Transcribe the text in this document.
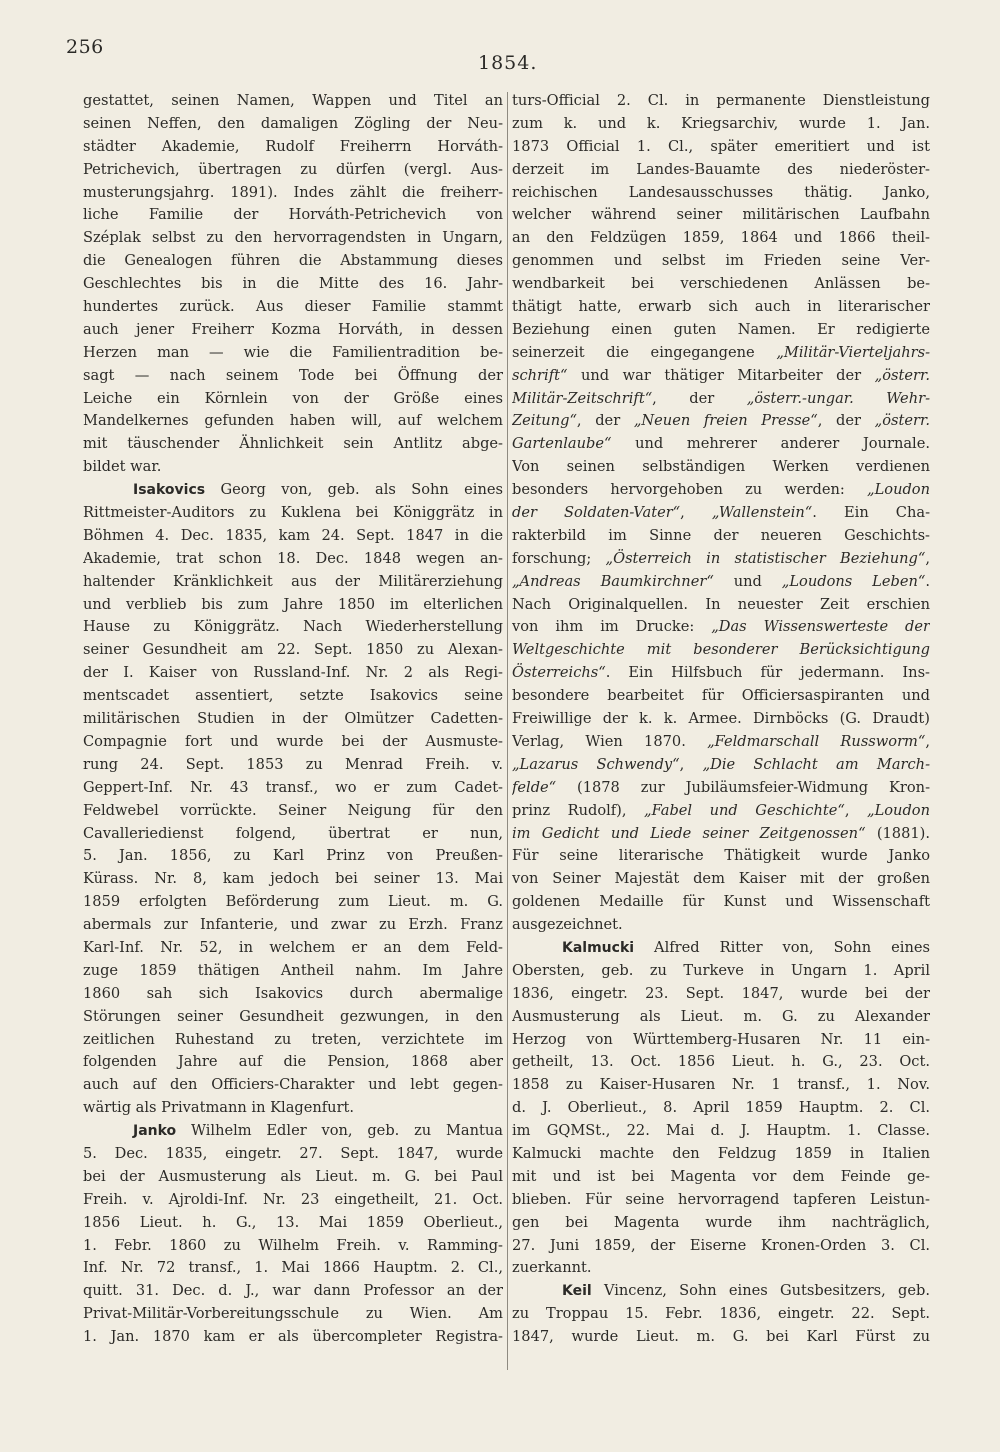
256
1854.
gestattet, seinen Namen, Wappen und Titel an
seinen Neffen, den damaligen Zögling der Neu-
städter Akademie, Rudolf Freiherrn Horváth-
Petrichevich, übertragen zu dürfen (vergl. Aus-
musterungsjahrg. 1891). Indes zählt die freiherr-
liche Familie der Horváth-Petrichevich von
Széplak selbst zu den hervorragendsten in Ungarn,
die Genealogen führen die Abstammung dieses
Geschlechtes bis in die Mitte des 16. Jahr-
hundertes zurück. Aus dieser Familie stammt
auch jener Freiherr Kozma Horváth, in dessen
Herzen man — wie die Familientradition be-
sagt — nach seinem Tode bei Öffnung der
Leiche ein Körnlein von der Größe eines
Mandelkernes gefunden haben will, auf welchem
mit täuschender Ähnlichkeit sein Antlitz abge-
bildet war.
Isakovics Georg von, geb. als Sohn eines
Rittmeister-Auditors zu Kuklena bei Königgrätz in
Böhmen 4. Dec. 1835, kam 24. Sept. 1847 in die
Akademie, trat schon 18. Dec. 1848 wegen an-
haltender Kränklichkeit aus der Militärerziehung
und verblieb bis zum Jahre 1850 im elterlichen
Hause zu Königgrätz. Nach Wiederherstellung
seiner Gesundheit am 22. Sept. 1850 zu Alexan-
der I. Kaiser von Russland-Inf. Nr. 2 als Regi-
mentscadet assentiert, setzte Isakovics seine
militärischen Studien in der Olmützer Cadetten-
Compagnie fort und wurde bei der Ausmuste-
rung 24. Sept. 1853 zu Menrad Freih. v.
Geppert-Inf. Nr. 43 transf., wo er zum Cadet-
Feldwebel vorrückte. Seiner Neigung für den
Cavalleriedienst folgend, übertrat er nun,
5. Jan. 1856, zu Karl Prinz von Preußen-
Kürass. Nr. 8, kam jedoch bei seiner 13. Mai
1859 erfolgten Beförderung zum Lieut. m. G.
abermals zur Infanterie, und zwar zu Erzh. Franz
Karl-Inf. Nr. 52, in welchem er an dem Feld-
zuge 1859 thätigen Antheil nahm. Im Jahre
1860 sah sich Isakovics durch abermalige
Störungen seiner Gesundheit gezwungen, in den
zeitlichen Ruhestand zu treten, verzichtete im
folgenden Jahre auf die Pension, 1868 aber
auch auf den Officiers-Charakter und lebt gegen-
wärtig als Privatmann in Klagenfurt.
Janko Wilhelm Edler von, geb. zu Mantua
5. Dec. 1835, eingetr. 27. Sept. 1847, wurde
bei der Ausmusterung als Lieut. m. G. bei Paul
Freih. v. Ajroldi-Inf. Nr. 23 eingetheilt, 21. Oct.
1856 Lieut. h. G., 13. Mai 1859 Oberlieut.,
1. Febr. 1860 zu Wilhelm Freih. v. Ramming-
Inf. Nr. 72 transf., 1. Mai 1866 Hauptm. 2. Cl.,
quitt. 31. Dec. d. J., war dann Professor an der
Privat-Militär-Vorbereitungsschule zu Wien. Am
1. Jan. 1870 kam er als übercompleter Registra-
turs-Official 2. Cl. in permanente Dienstleistung
zum k. und k. Kriegsarchiv, wurde 1. Jan.
1873 Official 1. Cl., später emeritiert und ist
derzeit im Landes-Bauamte des niederöster-
reichischen Landesausschusses thätig. Janko,
welcher während seiner militärischen Laufbahn
an den Feldzügen 1859, 1864 und 1866 theil-
genommen und selbst im Frieden seine Ver-
wendbarkeit bei verschiedenen Anlässen be-
thätigt hatte, erwarb sich auch in literarischer
Beziehung einen guten Namen. Er redigierte
seinerzeit die eingegangene „Militär-Vierteljahrs-
schrift“ und war thätiger Mitarbeiter der „österr.
Militär-Zeitschrift“, der „österr.-ungar. Wehr-
Zeitung“, der „Neuen freien Presse“, der „österr.
Gartenlaube“ und mehrerer anderer Journale.
Von seinen selbständigen Werken verdienen
besonders hervorgehoben zu werden: „Loudon
der Soldaten-Vater“, „Wallenstein“. Ein Cha-
rakterbild im Sinne der neueren Geschichts-
forschung; „Österreich in statistischer Beziehung“,
„Andreas Baumkirchner“ und „Loudons Leben“.
Nach Originalquellen. In neuester Zeit erschien
von ihm im Drucke: „Das Wissenswerteste der
Weltgeschichte mit besonderer Berücksichtigung
Österreichs“. Ein Hilfsbuch für jedermann. Ins-
besondere bearbeitet für Officiersaspiranten und
Freiwillige der k. k. Armee. Dirnböcks (G. Draudt)
Verlag, Wien 1870. „Feldmarschall Russworm“,
„Lazarus Schwendy“, „Die Schlacht am March-
felde“ (1878 zur Jubiläumsfeier-Widmung Kron-
prinz Rudolf), „Fabel und Geschichte“, „Loudon
im Gedicht und Liede seiner Zeitgenossen“ (1881).
Für seine literarische Thätigkeit wurde Janko
von Seiner Majestät dem Kaiser mit der großen
goldenen Medaille für Kunst und Wissenschaft
ausgezeichnet.
Kalmucki Alfred Ritter von, Sohn eines
Obersten, geb. zu Turkeve in Ungarn 1. April
1836, eingetr. 23. Sept. 1847, wurde bei der
Ausmusterung als Lieut. m. G. zu Alexander
Herzog von Württemberg-Husaren Nr. 11 ein-
getheilt, 13. Oct. 1856 Lieut. h. G., 23. Oct.
1858 zu Kaiser-Husaren Nr. 1 transf., 1. Nov.
d. J. Oberlieut., 8. April 1859 Hauptm. 2. Cl.
im GQMSt., 22. Mai d. J. Hauptm. 1. Classe.
Kalmucki machte den Feldzug 1859 in Italien
mit und ist bei Magenta vor dem Feinde ge-
blieben. Für seine hervorragend tapferen Leistun-
gen bei Magenta wurde ihm nachträglich,
27. Juni 1859, der Eiserne Kronen-Orden 3. Cl.
zuerkannt.
Keil Vincenz, Sohn eines Gutsbesitzers, geb.
zu Troppau 15. Febr. 1836, eingetr. 22. Sept.
1847, wurde Lieut. m. G. bei Karl Fürst zu
